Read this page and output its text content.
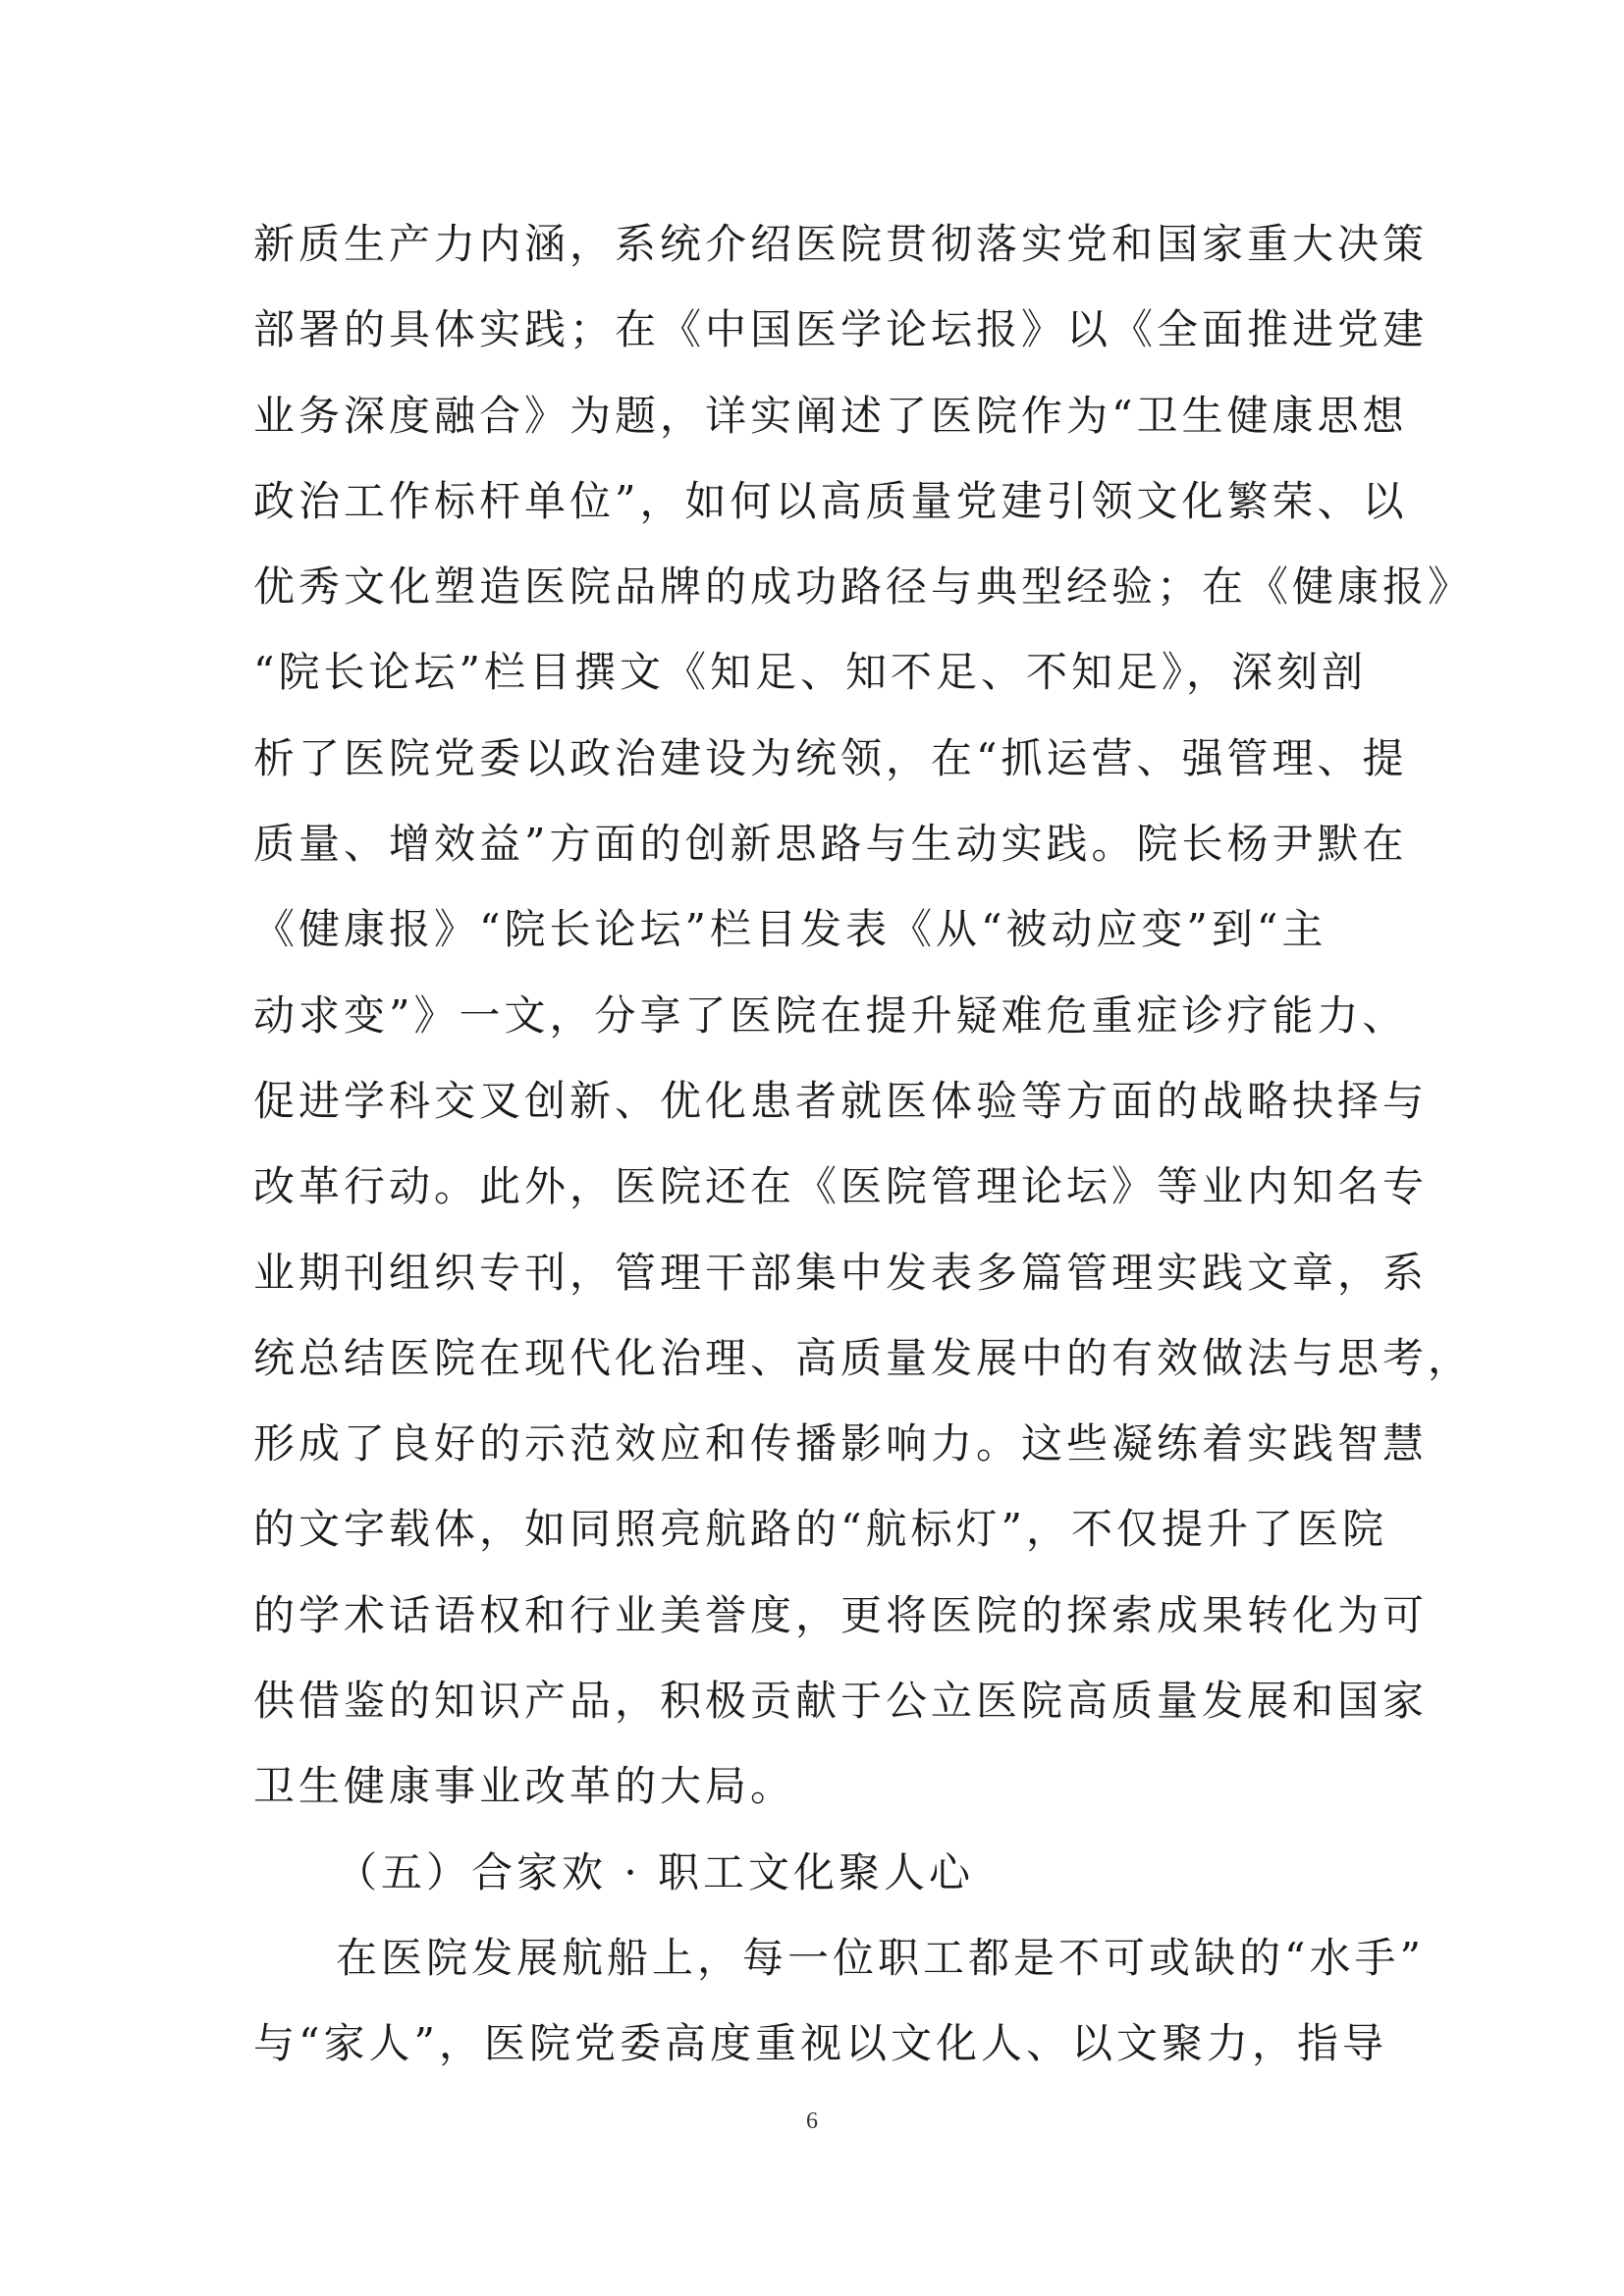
新质生产力内涵，系统介绍医院贯彻落实党和国家重大决策
部署的具体实践；在《中国医学论坛报》以《全面推进党建
业务深度融合》为题，详实阐述了医院作为“卫生健康思想
政治工作标杆单位”，如何以高质量党建引领文化繁荣、以
优秀文化塑造医院品牌的成功路径与典型经验；在《健康报》
“院长论坛”栏目撰文《知足、知不足、不知足》，深刻剖
析了医院党委以政治建设为统领，在“抓运营、强管理、提
质量、增效益”方面的创新思路与生动实践。院长杨尹默在
《健康报》“院长论坛”栏目发表《从“被动应变”到“主
动求变”》一文，分享了医院在提升疑难危重症诊疗能力、
促进学科交叉创新、优化患者就医体验等方面的战略抉择与
改革行动。此外，医院还在《医院管理论坛》等业内知名专
业期刊组织专刊，管理干部集中发表多篇管理实践文章，系
统总结医院在现代化治理、高质量发展中的有效做法与思考，
形成了良好的示范效应和传播影响力。这些凝练着实践智慧
的文字载体，如同照亮航路的“航标灯”，不仅提升了医院
的学术话语权和行业美誉度，更将医院的探索成果转化为可
供借鉴的知识产品，积极贡献于公立医院高质量发展和国家
卫生健康事业改革的大局。
（五）合家欢 · 职工文化聚人心
在医院发展航船上，每一位职工都是不可或缺的“水手”
与“家人”，医院党委高度重视以文化人、以文聚力，指导
6
